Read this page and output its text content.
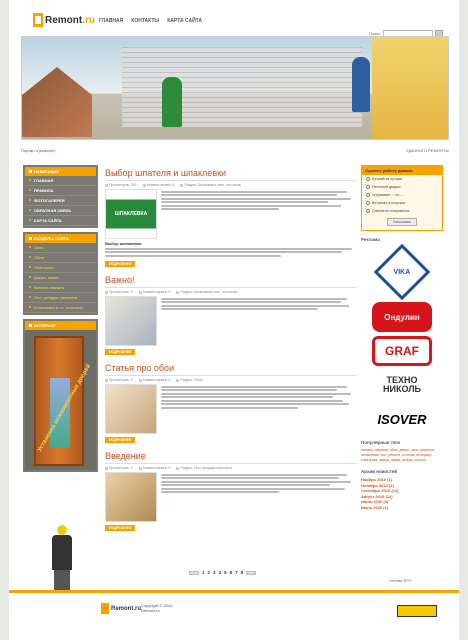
Remont.ru ГЛАВНАЯ КОНТАКТЫ КАРТА САЙТА
Поиск:
Портал о ремонте	УДАЧНОГО РЕМОНТА!
НАВИГАЦИЯ
ГЛАВНАЯ
ПРАВИЛА
ФОТОГАЛЕРЕЯ
ОБРАТНАЯ СВЯЗЬ
КАРТА САЙТА
РАЗДЕЛЫ САЙТА
Окна
Обои
Электрика
Двери, замки
Ванная комната
Пол, укладка ламината
Шпаклевка и т.п. потолков
ИНТЕРЬЕР
Установка межкомнатных дверей
Выбор шпателя и шпаклевки
Просмотров: 245	Комментариев: 0	Раздел: Шпаклевка стен, потолков
ШПАКЛЕВКА
Выбор шпаклевки
ПОДРОБНЕЕ
Важно!
Просмотров: 0	Комментариев: 0	Раздел: Шпаклевка стен, потолков
ПОДРОБНЕЕ
Статья про обои
Просмотров: 0	Комментариев: 0	Раздел: Обои
ПОДРОБНЕЕ
Введение
Просмотров: 0	Комментариев: 0	Раздел: Пол, укладка ламината
ПОДРОБНЕЕ
1 2 3 4 5 6 7 8
Оцените работу движка
Лучший из лучших
Неплохой движок
Устраивает ... но ...
Встречал и получше
Совсем не понравился
Голосовать
Реклама
VIKA
Ондулин
GRAF
ТЕХНО
НИКОЛЬ
ISOVER
Популярные теги
ванная, ламинат, обои, дверь, окно, шпатель, шпаклевка, пол, ремонт, потолок, интерьер, электрика, двери, замки, выбор, плитка
Архив новостей
Ноябрь 2010 (1)
Октябрь 2010 (2)
Сентябрь 2010 (12)
Август 2010 (12)
Июль 2010 (4)
Июнь 2010 (1)
Чтение RSS
Remont .ru Copyright © 2010,
Remont.ru
